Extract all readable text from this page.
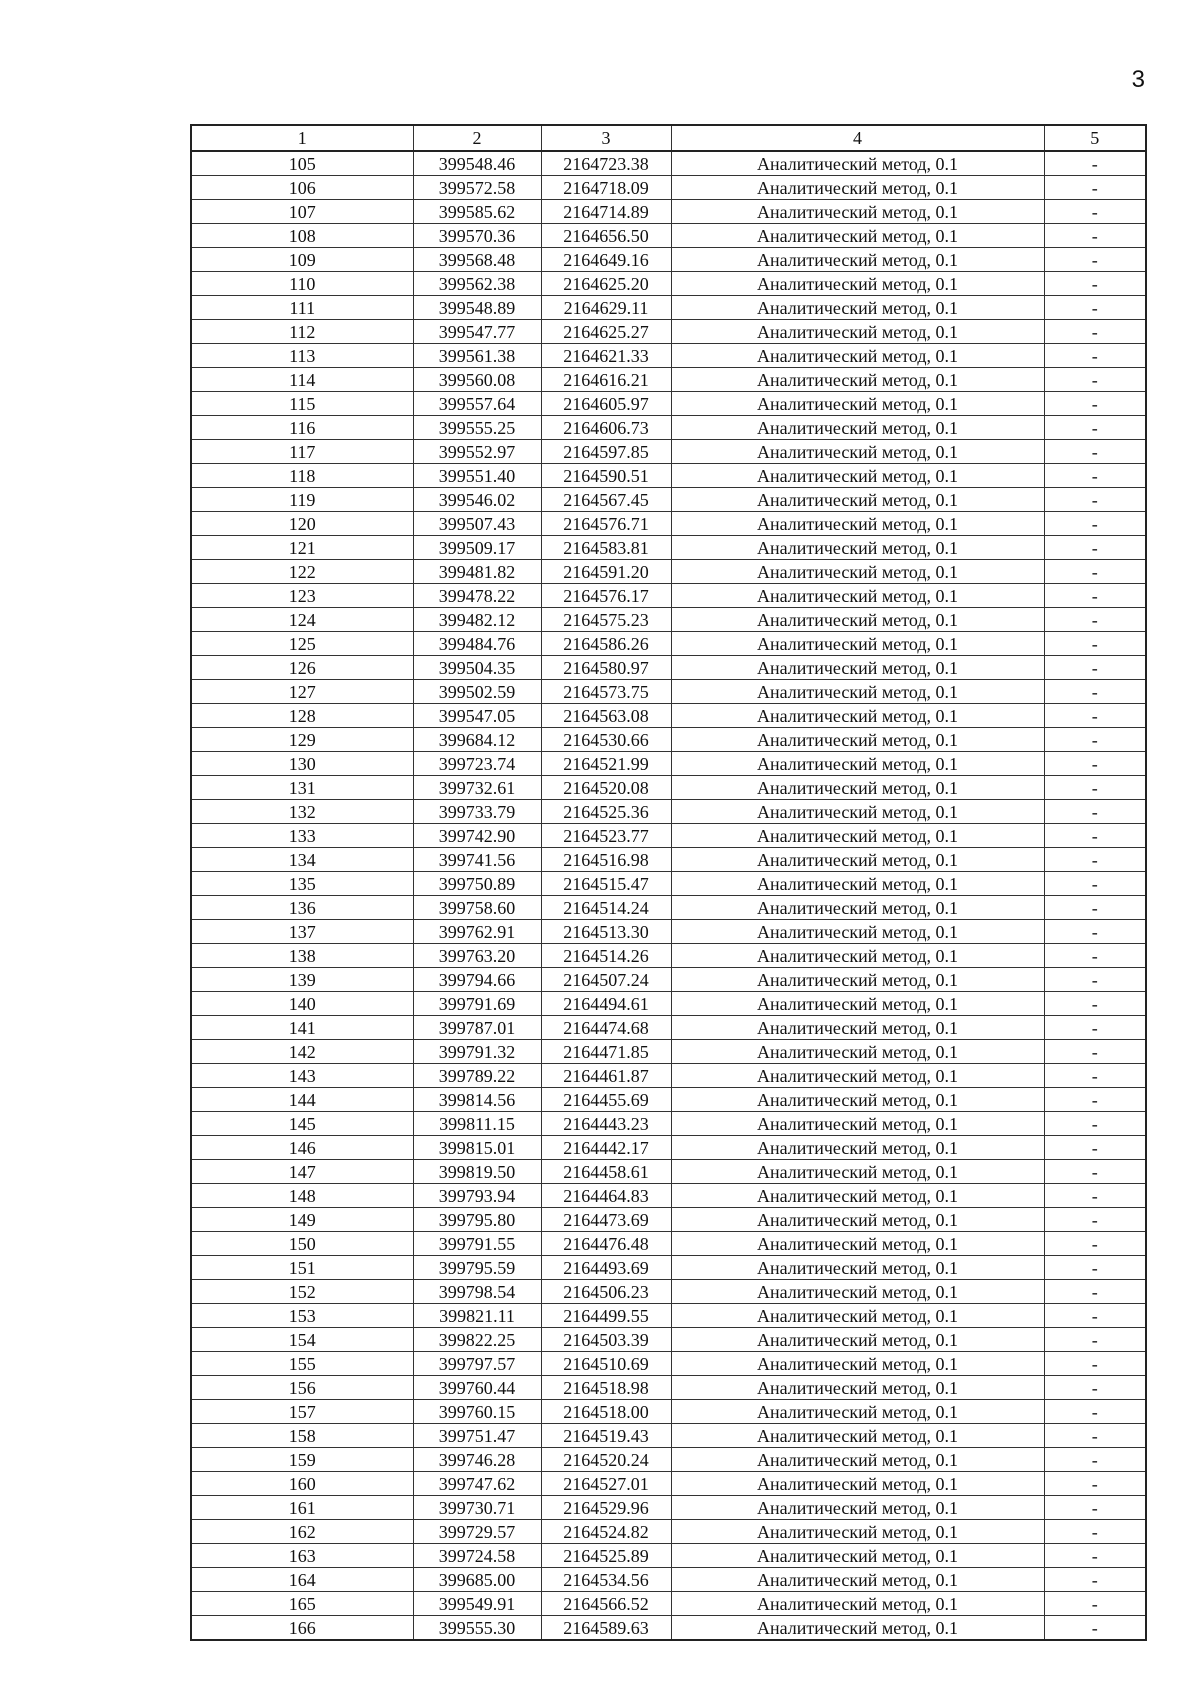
3
1	2	3	4	5
105	399548.46	2164723.38	Аналитический метод, 0.1	-
106	399572.58	2164718.09	Аналитический метод, 0.1	-
107	399585.62	2164714.89	Аналитический метод, 0.1	-
108	399570.36	2164656.50	Аналитический метод, 0.1	-
109	399568.48	2164649.16	Аналитический метод, 0.1	-
110	399562.38	2164625.20	Аналитический метод, 0.1	-
111	399548.89	2164629.11	Аналитический метод, 0.1	-
112	399547.77	2164625.27	Аналитический метод, 0.1	-
113	399561.38	2164621.33	Аналитический метод, 0.1	-
114	399560.08	2164616.21	Аналитический метод, 0.1	-
115	399557.64	2164605.97	Аналитический метод, 0.1	-
116	399555.25	2164606.73	Аналитический метод, 0.1	-
117	399552.97	2164597.85	Аналитический метод, 0.1	-
118	399551.40	2164590.51	Аналитический метод, 0.1	-
119	399546.02	2164567.45	Аналитический метод, 0.1	-
120	399507.43	2164576.71	Аналитический метод, 0.1	-
121	399509.17	2164583.81	Аналитический метод, 0.1	-
122	399481.82	2164591.20	Аналитический метод, 0.1	-
123	399478.22	2164576.17	Аналитический метод, 0.1	-
124	399482.12	2164575.23	Аналитический метод, 0.1	-
125	399484.76	2164586.26	Аналитический метод, 0.1	-
126	399504.35	2164580.97	Аналитический метод, 0.1	-
127	399502.59	2164573.75	Аналитический метод, 0.1	-
128	399547.05	2164563.08	Аналитический метод, 0.1	-
129	399684.12	2164530.66	Аналитический метод, 0.1	-
130	399723.74	2164521.99	Аналитический метод, 0.1	-
131	399732.61	2164520.08	Аналитический метод, 0.1	-
132	399733.79	2164525.36	Аналитический метод, 0.1	-
133	399742.90	2164523.77	Аналитический метод, 0.1	-
134	399741.56	2164516.98	Аналитический метод, 0.1	-
135	399750.89	2164515.47	Аналитический метод, 0.1	-
136	399758.60	2164514.24	Аналитический метод, 0.1	-
137	399762.91	2164513.30	Аналитический метод, 0.1	-
138	399763.20	2164514.26	Аналитический метод, 0.1	-
139	399794.66	2164507.24	Аналитический метод, 0.1	-
140	399791.69	2164494.61	Аналитический метод, 0.1	-
141	399787.01	2164474.68	Аналитический метод, 0.1	-
142	399791.32	2164471.85	Аналитический метод, 0.1	-
143	399789.22	2164461.87	Аналитический метод, 0.1	-
144	399814.56	2164455.69	Аналитический метод, 0.1	-
145	399811.15	2164443.23	Аналитический метод, 0.1	-
146	399815.01	2164442.17	Аналитический метод, 0.1	-
147	399819.50	2164458.61	Аналитический метод, 0.1	-
148	399793.94	2164464.83	Аналитический метод, 0.1	-
149	399795.80	2164473.69	Аналитический метод, 0.1	-
150	399791.55	2164476.48	Аналитический метод, 0.1	-
151	399795.59	2164493.69	Аналитический метод, 0.1	-
152	399798.54	2164506.23	Аналитический метод, 0.1	-
153	399821.11	2164499.55	Аналитический метод, 0.1	-
154	399822.25	2164503.39	Аналитический метод, 0.1	-
155	399797.57	2164510.69	Аналитический метод, 0.1	-
156	399760.44	2164518.98	Аналитический метод, 0.1	-
157	399760.15	2164518.00	Аналитический метод, 0.1	-
158	399751.47	2164519.43	Аналитический метод, 0.1	-
159	399746.28	2164520.24	Аналитический метод, 0.1	-
160	399747.62	2164527.01	Аналитический метод, 0.1	-
161	399730.71	2164529.96	Аналитический метод, 0.1	-
162	399729.57	2164524.82	Аналитический метод, 0.1	-
163	399724.58	2164525.89	Аналитический метод, 0.1	-
164	399685.00	2164534.56	Аналитический метод, 0.1	-
165	399549.91	2164566.52	Аналитический метод, 0.1	-
166	399555.30	2164589.63	Аналитический метод, 0.1	-
